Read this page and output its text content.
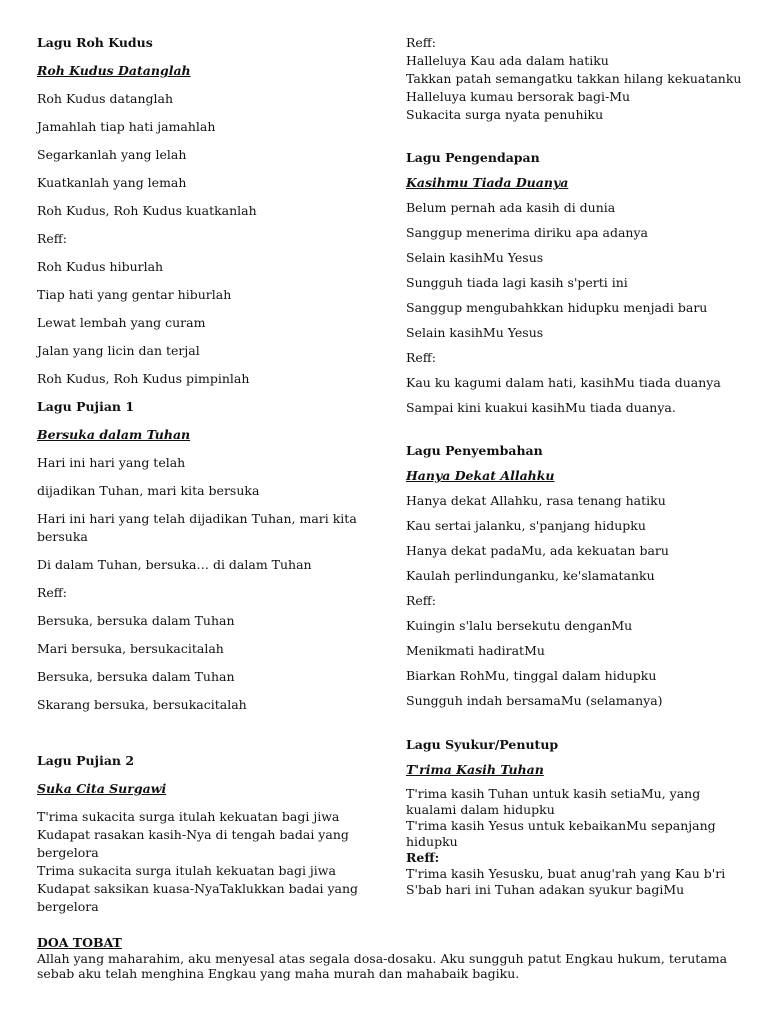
Lagu Roh Kudus
Roh Kudus Datanglah
Roh Kudus datanglah
Jamahlah tiap hati jamahlah
Segarkanlah yang lelah
Kuatkanlah yang lemah
Roh Kudus, Roh Kudus kuatkanlah
Reff:
Roh Kudus hiburlah
Tiap hati yang gentar hiburlah
Lewat lembah yang curam
Jalan yang licin dan terjal
Roh Kudus, Roh Kudus pimpinlah
Lagu Pujian 1
Bersuka dalam Tuhan
Hari ini hari yang telah
dijadikan Tuhan, mari kita bersuka
Hari ini hari yang telah dijadikan Tuhan, mari kita bersuka
Di dalam Tuhan, bersuka… di dalam Tuhan
Reff:
Bersuka, bersuka dalam Tuhan
Mari bersuka, bersukacitalah
Bersuka, bersuka dalam Tuhan
Skarang bersuka, bersukacitalah
Lagu Pujian 2
Suka Cita Surgawi
T'rima sukacita surga itulah kekuatan bagi jiwa
Kudapat rasakan kasih-Nya di tengah badai yang
bergelora
Trima sukacita surga itulah kekuatan bagi jiwa
Kudapat saksikan kuasa-NyaTaklukkan badai yang
bergelora
Reff:
Halleluya Kau ada dalam hatiku
Takkan patah semangatku takkan hilang kekuatanku
Halleluya kumau bersorak bagi-Mu
Sukacita surga nyata penuhiku
Lagu Pengendapan
Kasihmu Tiada Duanya
Belum pernah ada kasih di dunia
Sanggup menerima diriku apa adanya
Selain kasihMu Yesus
Sungguh tiada lagi kasih s'perti ini
Sanggup mengubahkkan hidupku menjadi baru
Selain kasihMu Yesus
Reff:
Kau ku kagumi dalam hati, kasihMu tiada duanya
Sampai kini kuakui kasihMu tiada duanya.
Lagu Penyembahan
Hanya Dekat Allahku
Hanya dekat Allahku, rasa tenang hatiku
Kau sertai jalanku, s'panjang hidupku
Hanya dekat padaMu, ada kekuatan baru
Kaulah perlindunganku, ke'slamatanku
Reff:
Kuingin s'lalu bersekutu denganMu
Menikmati hadiratMu
Biarkan RohMu, tinggal dalam hidupku
Sungguh indah bersamaMu (selamanya)
Lagu Syukur/Penutup
T'rima Kasih Tuhan
T'rima kasih Tuhan untuk kasih setiaMu, yang
kualami dalam hidupku
T'rima kasih Yesus untuk kebaikanMu sepanjang
hidupku
Reff:
T'rima kasih Yesusku, buat anug'rah yang Kau b'ri
S'bab hari ini Tuhan adakan syukur bagiMu
DOA TOBAT
Allah yang maharahim, aku menyesal atas segala dosa-dosaku. Aku sungguh patut Engkau hukum, terutama sebab aku telah menghina Engkau yang maha murah dan mahabaik bagiku.
